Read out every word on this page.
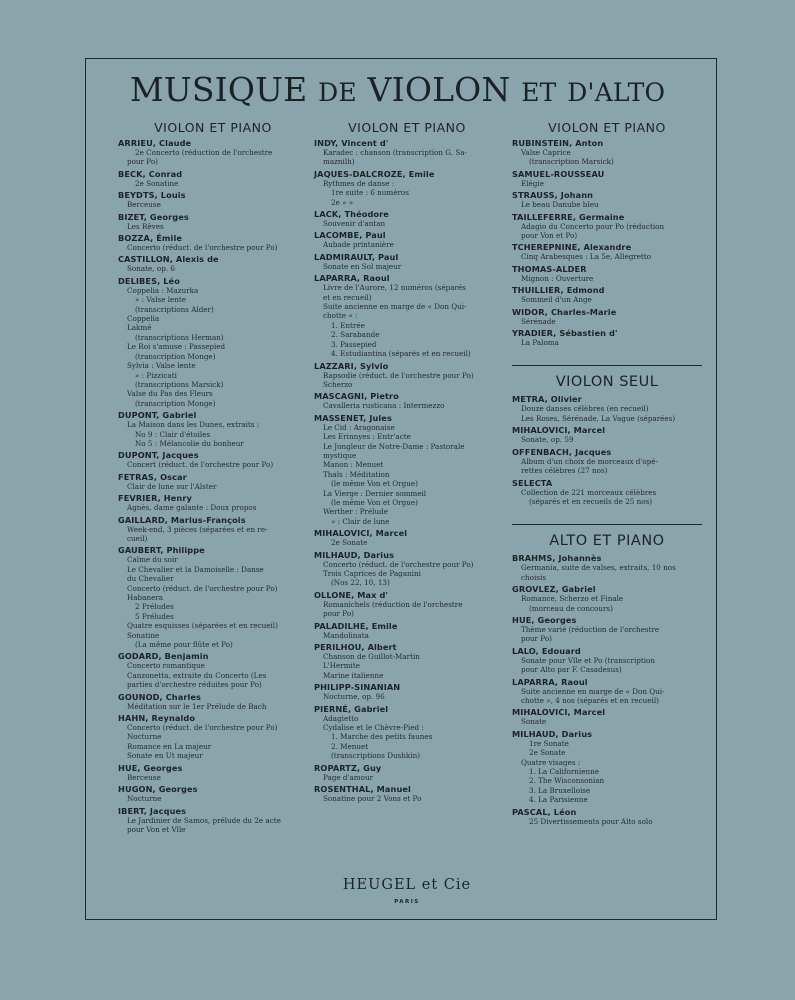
MUSIQUE DE VIOLON ET D'ALTO
VIOLON ET PIANO
ARRIEU, Claude
2e Concerto (réduction de l'orchestre
pour Po)
BECK, Conrad
2e Sonatine
BEYDTS, Louis
Berceuse
BIZET, Georges
Les Rêves
BOZZA, Émile
Concerto (réduct. de l'orchestre pour Po)
CASTILLON, Alexis de
Sonate, op. 6
DELIBES, Léo
Coppelia : Mazurka
» : Valse lente
(transcriptions Alder)
Coppelia
Lakmé
(transcriptions Herman)
Le Roi s'amuse : Passepied
(transcription Monge)
Sylvia : Valse lente
» : Pizzicati
(transcriptions Marsick)
Valse du Pas des Fleurs
(transcription Monge)
DUPONT, Gabriel
La Maison dans les Dunes, extraits :
No 9 : Clair d'étoiles
No 5 : Mélancolie du bonheur
DUPONT, Jacques
Concert (réduct. de l'orchestre pour Po)
FETRAS, Oscar
Clair de lune sur l'Alster
FEVRIER, Henry
Agnès, dame galante : Doux propos
GAILLARD, Marius-François
Week-end, 3 pièces (séparées et en re-
cueil)
GAUBERT, Philippe
Calme du soir
Le Chevalier et la Damoiselle : Danse
du Chevalier
Concerto (réduct. de l'orchestre pour Po)
Habanera
2 Préludes
5 Préludes
Quatre esquisses (séparées et en recueil)
Sonatine
(La même pour flûte et Po)
GODARD, Benjamin
Concerto romantique
Canzonetta, extraite du Concerto (Les
parties d'orchestre réduites pour Po)
GOUNOD, Charles
Méditation sur le 1er Prélude de Bach
HAHN, Reynaldo
Concerto (réduct. de l'orchestre pour Po)
Nocturne
Romance en La majeur
Sonate en Ut majeur
HUE, Georges
Berceuse
HUGON, Georges
Nocturne
IBERT, Jacques
Le Jardinier de Samos, prélude du 2e acte
pour Von et Vlle
VIOLON ET PIANO
INDY, Vincent d'
Karadec : chanson (transcription G. Sa-
maznilh)
JAQUES-DALCROZE, Emile
Rythmes de danse :
1re suite : 6 numéros
2e » »
LACK, Théodore
Souvenir d'antan
LACOMBE, Paul
Aubade printanière
LADMIRAULT, Paul
Sonate en Sol majeur
LAPARRA, Raoul
Livre de l'Aurore, 12 numéros (séparés
et en recueil)
Suite ancienne en marge de « Don Qui-
chotte » :
1. Entrée
2. Sarabande
3. Passepied
4. Estudiantina (séparés et en recueil)
LAZZARI, Sylvio
Rapsodie (réduct. de l'orchestre pour Po)
Scherzo
MASCAGNI, Pietro
Cavalleria rusticana : Intermezzo
MASSENET, Jules
Le Cid : Aragonaise
Les Erinnyes : Entr'acte
Le Jongleur de Notre-Dame : Pastorale
mystique
Manon : Menuet
Thaïs : Méditation
(le même Von et Orgue)
La Vierge : Dernier sommeil
(le même Von et Orgue)
Werther : Prélude
» : Clair de lune
MIHALOVICI, Marcel
2e Sonate
MILHAUD, Darius
Concerto (réduct. de l'orchestre pour Po)
Trois Caprices de Paganini
(Nos 22, 10, 13)
OLLONE, Max d'
Romanichels (réduction de l'orchestre
pour Po)
PALADILHE, Emile
Mandolinata
PERILHOU, Albert
Chanson de Guillot-Martin
L'Hermite
Marine italienne
PHILIPP-SINANIAN
Nocturne, op. 96
PIERNÉ, Gabriel
Adagietto
Cydalise et le Chèvre-Pied :
1. Marche des petits faunes
2. Menuet
(transcriptions Dushkin)
ROPARTZ, Guy
Page d'amour
ROSENTHAL, Manuel
Sonatine pour 2 Vons et Po
VIOLON ET PIANO
RUBINSTEIN, Anton
Valse Caprice
(transcription Marsick)
SAMUEL-ROUSSEAU
Elégie
STRAUSS, Johann
Le beau Danube bleu
TAILLEFERRE, Germaine
Adagio du Concerto pour Po (réduction
pour Von et Po)
TCHEREPNINE, Alexandre
Cinq Arabesques : La 5e, Allegretto
THOMAS-ALDER
Mignon : Ouverture
THUILLIER, Edmond
Sommeil d'un Ange
WIDOR, Charles-Marie
Sérénade
YRADIER, Sébastien d'
La Paloma
VIOLON SEUL
METRA, Olivier
Douze danses célèbres (en recueil)
Les Roses, Sérénade, La Vague (séparées)
MIHALOVICI, Marcel
Sonate, op. 59
OFFENBACH, Jacques
Album d'un choix de morceaux d'opé-
rettes célèbres (27 nos)
SELECTA
Collection de 221 morceaux célèbres
(séparés et en recueils de 25 nos)
ALTO ET PIANO
BRAHMS, Johannès
Germania, suite de valses, extraits, 10 nos
choisis
GROVLEZ, Gabriel
Romance, Scherzo et Finale
(morceau de concours)
HUE, Georges
Thème varié (réduction de l'orchestre
pour Po)
LALO, Edouard
Sonate pour Vlle et Po (transcription
pour Alto par F. Casadesus)
LAPARRA, Raoul
Suite ancienne en marge de « Don Qui-
chotte », 4 nos (séparés et en recueil)
MIHALOVICI, Marcel
Sonate
MILHAUD, Darius
1re Sonate
2e Sonate
Quatre visages :
1. La Californienne
2. The Wisconsonian
3. La Bruxelloise
4. La Parisienne
PASCAL, Léon
25 Divertissements pour Alto solo
HEUGEL et Cie
PARIS
